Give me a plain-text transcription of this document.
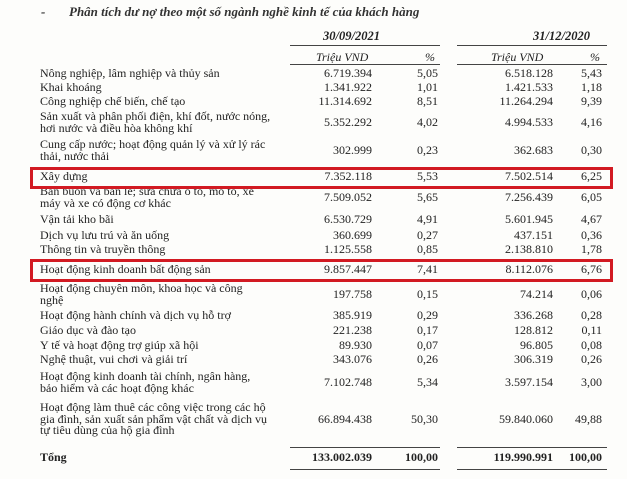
- Phân tích dư nợ theo một số ngành nghề kinh tế của khách hàng
30/09/2021	31/12/2020
Triệu VND	%	Triệu VND	%
Nông nghiệp, lâm nghiệp và thủy sản	6.719.394	5,05	6.518.128	5,43
Khai khoáng	1.341.922	1,01	1.421.533	1,18
Công nghiệp chế biến, chế tạo	11.314.692	8,51	11.264.294	9,39
Sản xuất và phân phối điện, khí đốt, nước nóng,
hơi nước và điều hòa không khí	5.352.292	4,02	4.994.533	4,16
Cung cấp nước; hoạt động quản lý và xử lý rác
thải, nước thải	302.999	0,23	362.683	0,30
Xây dựng	7.352.118	5,53	7.502.514	6,25
Bán buôn và bán lẻ; sửa chữa ô tô, mô tô, xe
máy và xe có động cơ khác	7.509.052	5,65	7.256.439	6,05
Vận tải kho bãi	6.530.729	4,91	5.601.945	4,67
Dịch vụ lưu trú và ăn uống	360.699	0,27	437.151	0,36
Thông tin và truyền thông	1.125.558	0,85	2.138.810	1,78
Hoạt động kinh doanh bất động sản	9.857.447	7,41	8.112.076	6,76
Hoạt động chuyên môn, khoa học và công
nghệ	197.758	0,15	74.214	0,06
Hoạt động hành chính và dịch vụ hỗ trợ	385.919	0,29	336.268	0,28
Giáo dục và đào tạo	221.238	0,17	128.812	0,11
Y tế và hoạt động trợ giúp xã hội	89.930	0,07	96.805	0,08
Nghệ thuật, vui chơi và giải trí	343.076	0,26	306.319	0,26
Hoạt động kinh doanh tài chính, ngân hàng,
bảo hiểm và các hoạt động khác	7.102.748	5,34	3.597.154	3,00
Hoạt động làm thuê các công việc trong các hộ
gia đình, sản xuất sản phẩm vật chất và dịch vụ
tự tiêu dùng của hộ gia đình
66.894.438	50,30	59.840.060	49,88
Tổng	133.002.039	100,00	119.990.991 100,00
